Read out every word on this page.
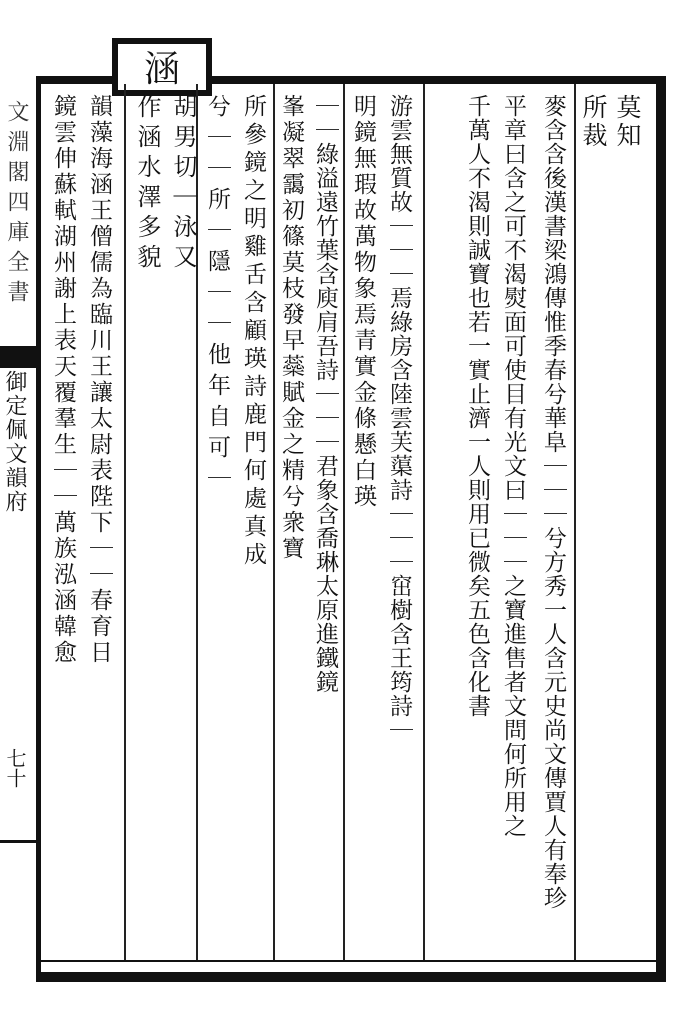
涵
文淵閣四庫全書
御定佩文韻府
七十
莫知
所裁
麥含含後漢書梁鴻傳惟季春兮華阜｜｜｜兮方秀一人含元史尚文傳賈人有奉珍
平章曰含之可不渴熨面可使目有光文曰｜｜｜之寶進售者文問何所用之
千萬人不渴則誠寶也若一實止濟一人則用已微矣五色含化書
游雲無質故｜｜｜焉綠房含陸雲芙蕖詩｜｜｜窋樹含王筠詩｜
明鏡無瑕故萬物象焉青實金條懸白瑛
｜｜綠溢遠竹葉含庾肩吾詩｜｜｜君象含喬琳太原進鐵鏡
峯凝翠靄初篠莫枝發早蘂賦金之精兮衆寶
所參鏡之明雞舌含顧瑛詩鹿門何處真成
兮｜｜所｜隱｜｜他年自可｜
胡男切｜泳又
作涵水澤多貌
韻藻海涵王僧儒為臨川王讓太尉表陛下｜｜春育日
鏡雲伸蘇軾湖州謝上表天覆羣生｜｜萬族泓涵韓愈
